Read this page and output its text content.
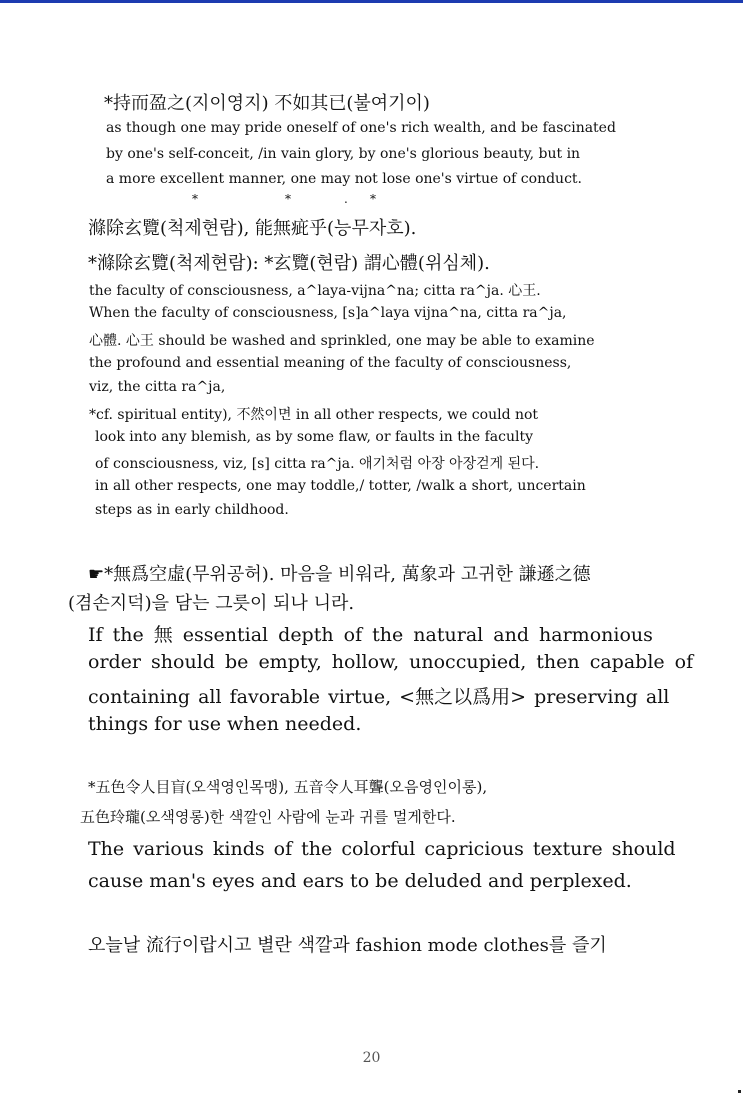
*持而盈之(지이영지) 不如其已(불여기이)

as though one may pride oneself of one's rich wealth, and be fascinated

by one's self-conceit, /in vain glory, by one's glorious beauty, but in

a more excellent manner, one may not lose one's virtue of conduct.

*	*	. *

滌除玄覽(척제현람), 能無疵乎(능무자호).

*滌除玄覽(척제현람): *玄覽(현람) 謂心體(위심체).

the faculty of consciousness, a^laya-vijna^na; citta ra^ja. 心王.

When the faculty of consciousness, [s]a^laya vijna^na, citta ra^ja,

心體. 心王 should be washed and sprinkled, one may be able to examine

the profound and essential meaning of the faculty of consciousness,

viz, the citta ra^ja,

*cf. spiritual entity), 不然이면 in all other respects, we could not

look into any blemish, as by some flaw, or faults in the faculty

of consciousness, viz, [s] citta ra^ja. 애기처럼 아장 아장걷게 된다.

in all other respects, one may toddle,/ totter, /walk a short, uncertain

steps as in early childhood.

☛*無爲空虛(무위공허). 마음을 비워라, 萬象과 고귀한 謙遜之德

(겸손지덕)을 담는 그릇이 되나 니라.

If the 無 essential depth of the natural and harmonious

order should be empty, hollow, unoccupied, then capable of

containing all favorable virtue, <無之以爲用> preserving all

things for use when needed.

*五色令人目盲(오색영인목맹), 五音令人耳聾(오음영인이롱),

五色玲瓏(오색영롱)한 색깔인 사람에 눈과 귀를 멀게한다.

The various kinds of the colorful capricious texture should

cause man's eyes and ears to be deluded and perplexed.

오늘날 流行이랍시고 별란 색깔과 fashion mode clothes를 즐기

20
